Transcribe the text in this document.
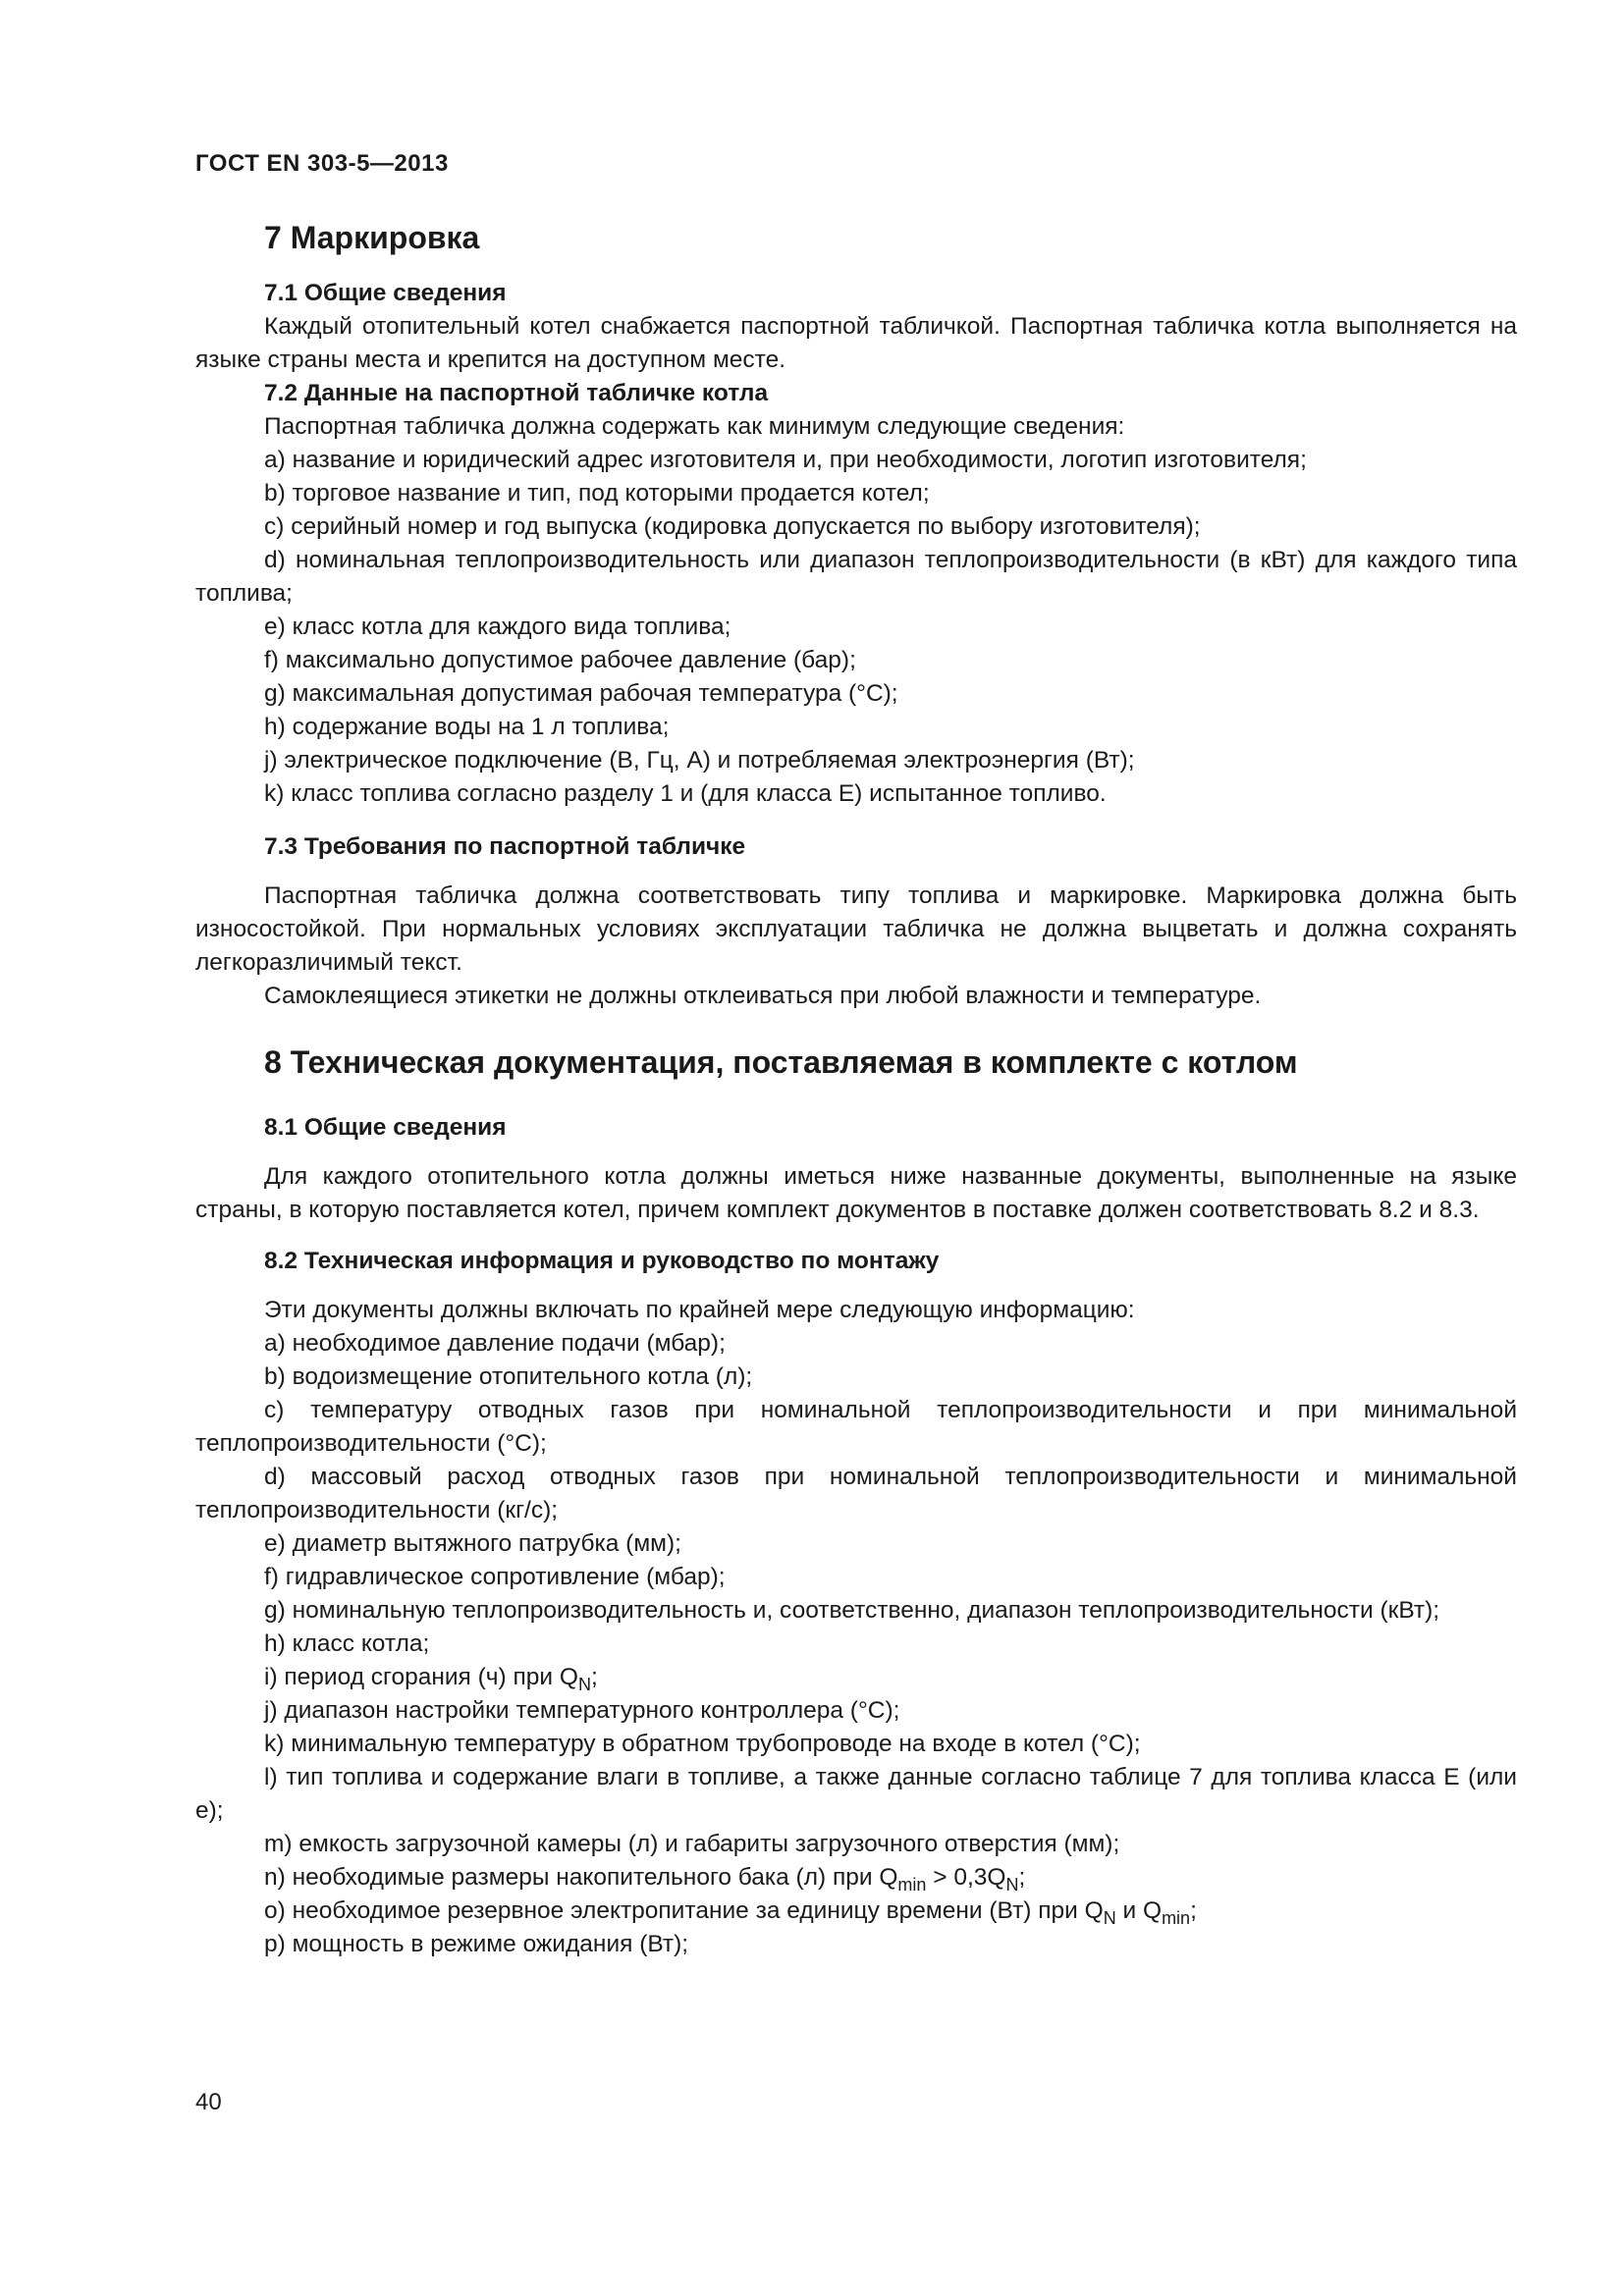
ГОСТ EN 303-5—2013
7 Маркировка
7.1 Общие сведения
Каждый отопительный котел снабжается паспортной табличкой. Паспортная табличка котла выполняется на языке страны места и крепится на доступном месте.
7.2 Данные на паспортной табличке котла
Паспортная табличка должна содержать как минимум следующие сведения:
a) название и юридический адрес изготовителя и, при необходимости, логотип изготовителя;
b) торговое название и тип, под которыми продается котел;
c) серийный номер и год выпуска (кодировка допускается по выбору изготовителя);
d) номинальная теплопроизводительность или диапазон теплопроизводительности (в кВт) для каждого типа топлива;
e) класс котла для каждого вида топлива;
f) максимально допустимое рабочее давление (бар);
g) максимальная допустимая рабочая температура (°С);
h) содержание воды на 1 л топлива;
j) электрическое подключение (В, Гц, А) и потребляемая электроэнергия (Вт);
k) класс топлива согласно разделу 1 и (для класса Е) испытанное топливо.
7.3 Требования по паспортной табличке
Паспортная табличка должна соответствовать типу топлива и маркировке. Маркировка должна быть износостойкой. При нормальных условиях эксплуатации табличка не должна выцветать и должна сохранять легкоразличимый текст.
Самоклеящиеся этикетки не должны отклеиваться при любой влажности и температуре.
8 Техническая документация, поставляемая в комплекте с котлом
8.1 Общие сведения
Для каждого отопительного котла должны иметься ниже названные документы, выполненные на языке страны, в которую поставляется котел, причем комплект документов в поставке должен соответствовать 8.2 и 8.3.
8.2 Техническая информация и руководство по монтажу
Эти документы должны включать по крайней мере следующую информацию:
a) необходимое давление подачи (мбар);
b) водоизмещение отопительного котла (л);
c) температуру отводных газов при номинальной теплопроизводительности и при минимальной теплопроизводительности (°С);
d) массовый расход отводных газов при номинальной теплопроизводительности и минимальной теплопроизводительности (кг/с);
e) диаметр вытяжного патрубка (мм);
f) гидравлическое сопротивление (мбар);
g) номинальную теплопроизводительность и, соответственно, диапазон теплопроизводительности (кВт);
h) класс котла;
i) период сгорания (ч) при $Q_N$;
j) диапазон настройки температурного контроллера (°С);
k) минимальную температуру в обратном трубопроводе на входе в котел (°С);
l) тип топлива и содержание влаги в топливе, а также данные согласно таблице 7 для топлива класса Е (или е);
m) емкость загрузочной камеры (л) и габариты загрузочного отверстия (мм);
n) необходимые размеры накопительного бака (л) при $Q_{min} > 0,3Q_N$;
o) необходимое резервное электропитание за единицу времени (Вт) при $Q_N$ и $Q_{min}$;
p) мощность в режиме ожидания (Вт);
40
